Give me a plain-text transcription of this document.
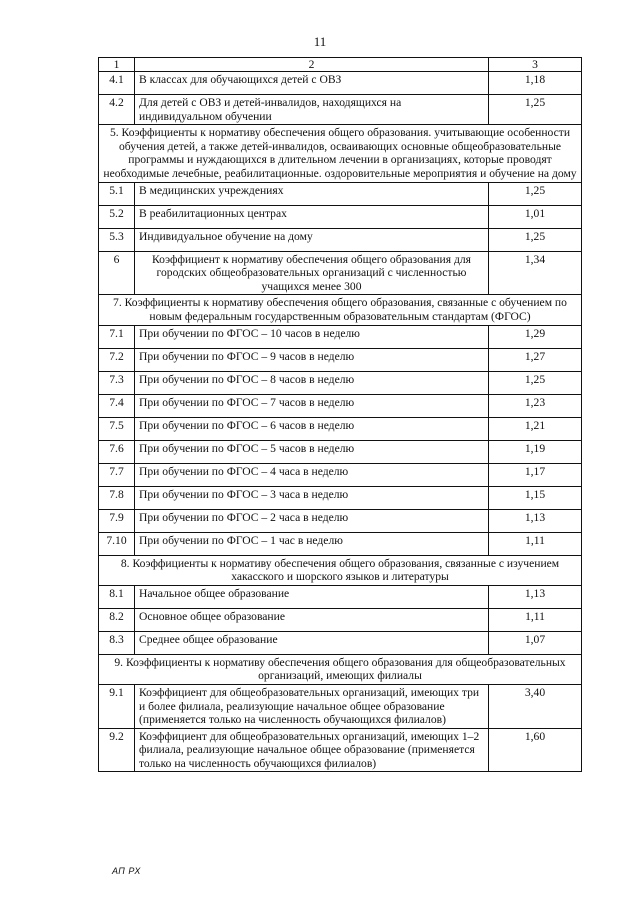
11
1	2	3
4.1	В классах для обучающихся детей с ОВЗ	1,18
4.2	Для детей с ОВЗ и детей-инвалидов, находящихся на индивидуальном обучении	1,25
5. Коэффициенты к нормативу обеспечения общего образования. учитывающие особенности обучения детей, а также детей-инвалидов, осваивающих основные общеобразовательные программы и нуждающихся в длительном лечении в организациях, которые проводят необходимые лечебные, реабилитационные. оздоровительные мероприятия и обучение на дому		
5.1	В медицинских учреждениях	1,25
5.2	В реабилитационных центрах	1,01
5.3	Индивидуальное обучение на дому	1,25
6	Коэффициент к нормативу обеспечения общего образования для городских общеобразовательных организаций с численностью учащихся менее 300	1,34
7. Коэффициенты к нормативу обеспечения общего образования, связанные с обучением по новым федеральным государственным образовательным стандартам (ФГОС)		
7.1	При обучении по ФГОС – 10 часов в неделю	1,29
7.2	При обучении по ФГОС – 9 часов в неделю	1,27
7.3	При обучении по ФГОС – 8 часов в неделю	1,25
7.4	При обучении по ФГОС – 7 часов в неделю	1,23
7.5	При обучении по ФГОС – 6 часов в неделю	1,21
7.6	При обучении по ФГОС – 5 часов в неделю	1,19
7.7	При обучении по ФГОС – 4 часа в неделю	1,17
7.8	При обучении по ФГОС – 3 часа в неделю	1,15
7.9	При обучении по ФГОС – 2 часа в неделю	1,13
7.10	При обучении по ФГОС – 1 час в неделю	1,11
8. Коэффициенты к нормативу обеспечения общего образования, связанные с изучением хакасского и шорского языков и литературы		
8.1	Начальное общее образование	1,13
8.2	Основное общее образование	1,11
8.3	Среднее общее образование	1,07
9. Коэффициенты к нормативу обеспечения общего образования для общеобразовательных организаций, имеющих филиалы		
9.1	Коэффициент для общеобразовательных организаций, имеющих три и более филиала, реализующие начальное общее образование (применяется только на численность обучающихся филиалов)	3,40
9.2	Коэффициент для общеобразовательных организаций, имеющих 1–2 филиала, реализующие начальное общее образование (применяется только на численность обучающихся филиалов)	1,60
АП РХ
